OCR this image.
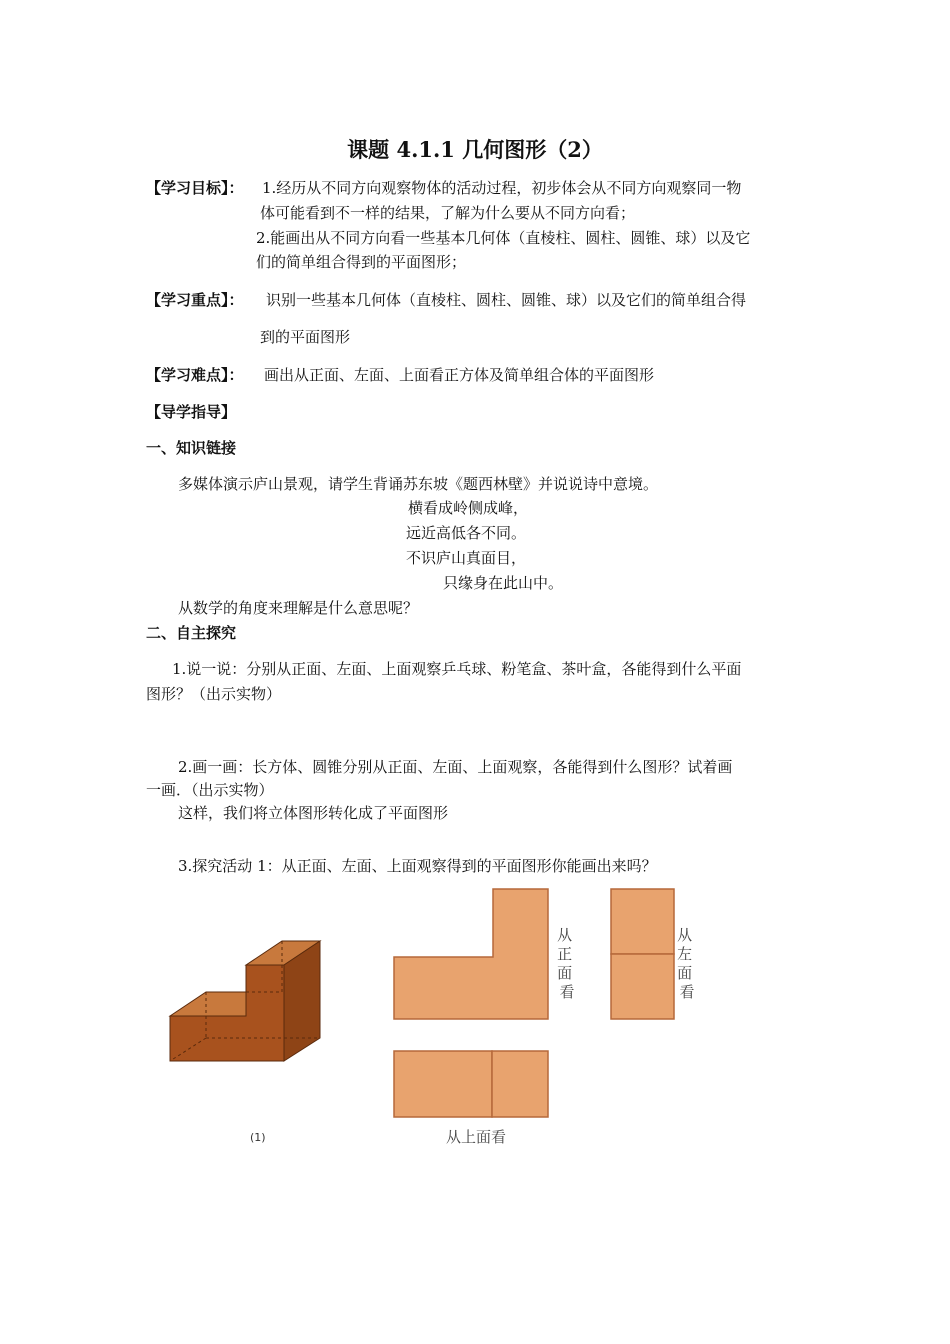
课题 4.1.1 几何图形（2）
【学习目标】： 1.经历从不同方向观察物体的活动过程，初步体会从不同方向观察同一物
体可能看到不一样的结果，了解为什么要从不同方向看；
2.能画出从不同方向看一些基本几何体（直棱柱、圆柱、圆锥、球）以及它
们的简单组合得到的平面图形；
【学习重点】： 识别一些基本几何体（直棱柱、圆柱、圆锥、球）以及它们的简单组合得
到的平面图形
【学习难点】： 画出从正面、左面、上面看正方体及简单组合体的平面图形
【导学指导】
一、知识链接
多媒体演示庐山景观，请学生背诵苏东坡《题西林壁》并说说诗中意境。
横看成岭侧成峰，
远近高低各不同。
不识庐山真面目，
只缘身在此山中。
从数学的角度来理解是什么意思呢？
二、自主探究
1.说一说：分别从正面、左面、上面观察乒乓球、粉笔盒、茶叶盒，各能得到什么平面
图形？（出示实物）
2.画一画：长方体、圆锥分别从正面、左面、上面观察，各能得到什么图形？试着画
一画．（出示实物）
这样，我们将立体图形转化成了平面图形
3.探究活动 1：从正面、左面、上面观察得到的平面图形你能画出来吗？
(1)
从 正 面 看
从 左 面 看
从上面看
